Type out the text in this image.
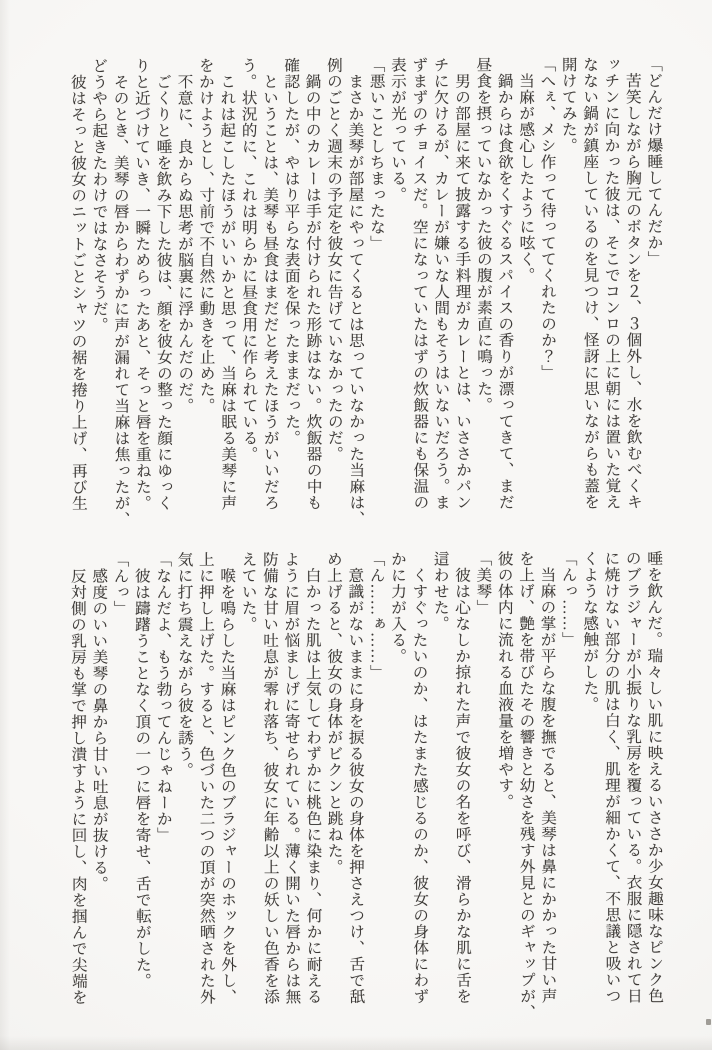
「どんだけ爆睡してんだか」

　苦笑しながら胸元のボタンを２、３個外し、水を飲むべくキ

ッチンに向かった彼は、そこでコンロの上に朝には置いた覚え

なない鍋が鎮座しているのを見つけ、怪訝に思いながらも蓋を

開けてみた。

「へぇ、メシ作って待っててくれたのか？」

　当麻が感心したように呟く。

　鍋からは食欲をくすぐるスパイスの香りが漂ってきて、まだ

昼食を摂っていなかった彼の腹が素直に鳴った。

　男の部屋に来て披露する手料理がカレーとは、いささかパン

チに欠けるが、カレーが嫌いな人間もそうはいないだろう。ま

ずまずのチョイスだ。空になっていたはずの炊飯器にも保温の

表示が光っている。

「悪いことしちまったな」

　まさか美琴が部屋にやってくるとは思っていなかった当麻は、

例のごとく週末の予定を彼女に告げていなかったのだ。

　鍋の中のカレーは手が付けられた形跡はない。炊飯器の中も

確認したが、やはり平らな表面を保ったままだった。

　ということは、美琴も昼食はまだだと考えたほうがいいだろ

う。状況的に、これは明らかに昼食用に作られている。

　これは起こしたほうがいいかと思って、当麻は眠る美琴に声

をかけようとし、寸前で不自然に動きを止めた。

　不意に、良からぬ思考が脳裏に浮かんだのだ。

　ごくりと唾を飲み下した彼は、顔を彼女の整った顔にゆっく

りと近づけていき、一瞬ためらったあと、そっと唇を重ねた。

　そのとき、美琴の唇からわずかに声が漏れて当麻は焦ったが、

どうやら起きたわけではなさそうだ。

　彼はそっと彼女のニットごとシャツの裾を捲り上げ、再び生

唾を飲んだ。瑞々しい肌に映えるいささか少女趣味なピンク色

のブラジャーが小振りな乳房を覆っている。衣服に隠されて日

に焼けない部分の肌は白く、肌理が細かくて、不思議と吸いつ

くような感触がした。

「んっ……」

　当麻の掌が平らな腹を撫でると、美琴は鼻にかかった甘い声

を上げ、艶を帯びたその響きと幼さを残す外見とのギャップが、

彼の体内に流れる血液量を増やす。

「美琴」

　彼は心なしか掠れた声で彼女の名を呼び、滑らかな肌に舌を

這わせた。

　くすぐったいのか、はたまた感じるのか、彼女の身体にわず

かに力が入る。

「ん……ぁ……」

　意識がないままに身を捩る彼女の身体を押さえつけ、舌で舐

め上げると、彼女の身体がビクンと跳ねた。

　白かった肌は上気してわずかに桃色に染まり、何かに耐える

ように眉が悩ましげに寄せられている。薄く開いた唇からは無

防備な甘い吐息が零れ落ち、彼女に年齢以上の妖しい色香を添

えていた。

　喉を鳴らした当麻はピンク色のブラジャーのホックを外し、

上に押し上げた。すると、色づいた二つの頂が突然晒された外

気に打ち震えながら彼を誘う。

「なんだよ、もう勃ってんじゃねーか」

　彼は躊躇うことなく頂の一つに唇を寄せ、舌で転がした。

「んっ」

　感度のいい美琴の鼻から甘い吐息が抜ける。

　反対側の乳房も掌で押し潰すように回し、肉を掴んで尖端を
